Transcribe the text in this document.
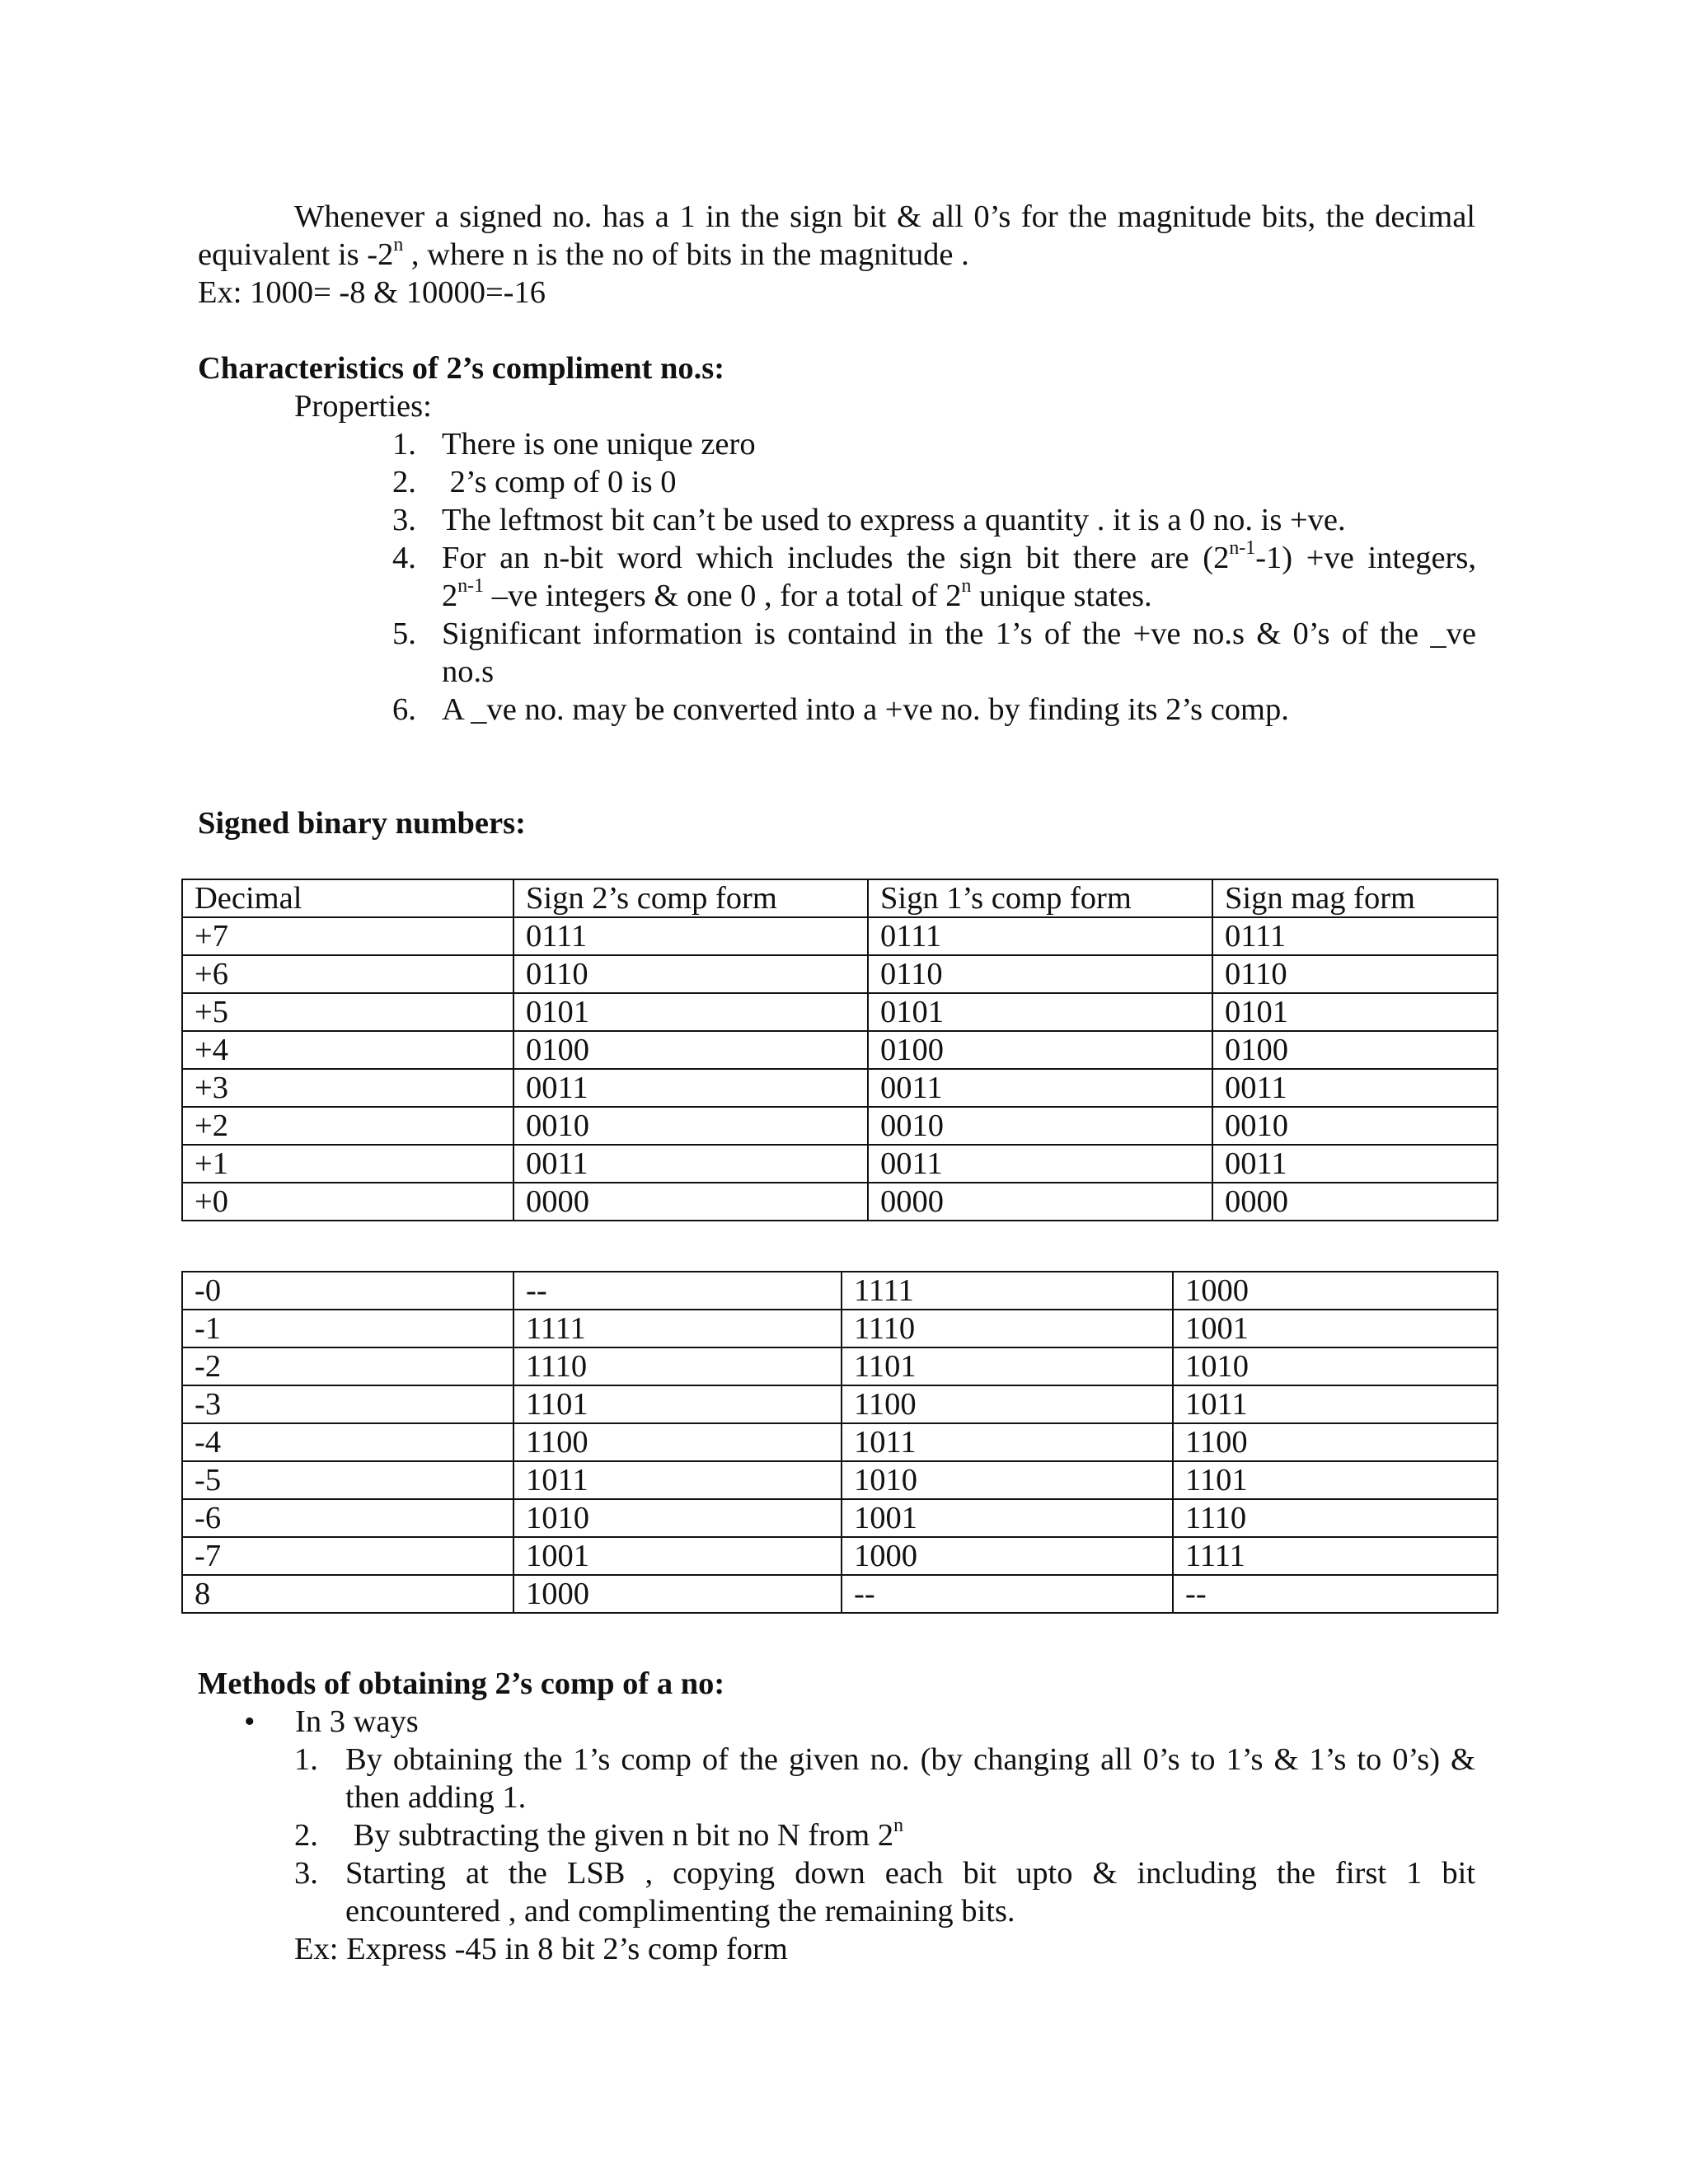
Whenever a signed no. has a 1 in the sign bit & all 0’s for the magnitude bits, the decimal
equivalent is -2$^n$ , where n is the no of bits in the magnitude .
Ex: 1000= -8 & 10000=-16
Characteristics of 2’s compliment no.s:
Properties:
1. There is one unique zero
2. 2’s comp of 0 is 0
3. The leftmost bit can’t be used to express a quantity . it is a 0 no. is +ve.
4. For an n-bit word which includes the sign bit there are $(2^{n-1}-1) +ve$ integers,
2$^{n-1}$ –ve integers & one 0 , for a total of 2$^n$ unique states.
5. Significant information is containd in the 1’s of the +ve no.s & 0’s of the _ve
no.s
6. A _ve no. may be converted into a +ve no. by finding its 2’s comp.
Signed binary numbers:
Decimal	Sign 2’s comp form	Sign 1’s comp form	Sign mag form
+7	0111	0111	0111
+6	0110	0110	0110
+5	0101	0101	0101
+4	0100	0100	0100
+3	0011	0011	0011
+2	0010	0010	0010
+1	0011	0011	0011
+0	0000	0000	0000
-0	--	1111	1000
-1	1111	1110	1001
-2	1110	1101	1010
-3	1101	1100	1011
-4	1100	1011	1100
-5	1011	1010	1101
-6	1010	1001	1110
-7	1001	1000	1111
8	1000	--	--
Methods of obtaining 2’s comp of a no:
• In 3 ways
1. By obtaining the 1’s comp of the given no. (by changing all 0’s to 1’s & 1’s to 0’s) &
then adding 1.
2. By subtracting the given n bit no N from 2$^n$
3. Starting at the LSB , copying down each bit upto & including the first 1 bit
encountered , and complimenting the remaining bits.
Ex: Express -45 in 8 bit 2’s comp form
